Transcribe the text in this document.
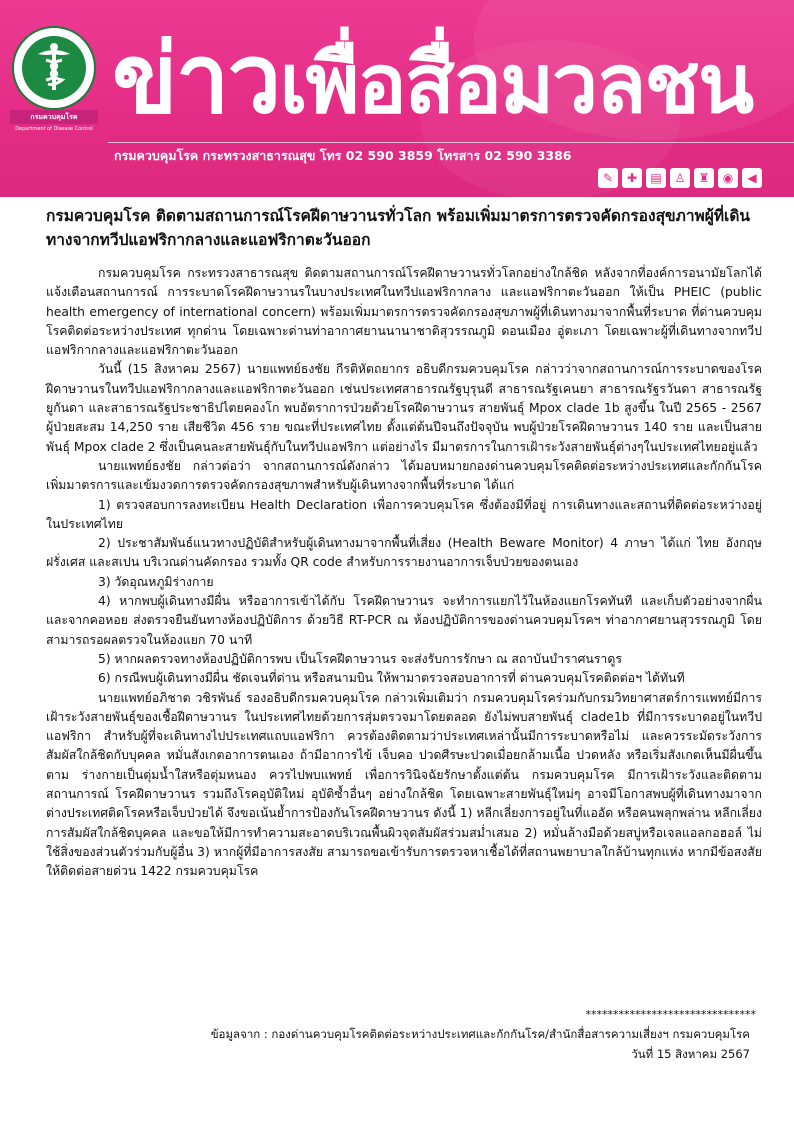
กรมควบคุมโรค
Department of Disease Control ข่าวเพื่อสื่อมวลชน
กรมควบคุมโรค กระทรวงสาธารณสุข โทร 02 590 3859 โทรสาร 02 590 3386
✎	✚	▤	♙	♜	◉	◀
กรมควบคุมโรค ติดตามสถานการณ์โรคฝีดาษวานรทั่วโลก พร้อมเพิ่มมาตรการตรวจคัดกรองสุขภาพผู้ที่เดินทางจากทวีปแอฟริกากลางและแอฟริกาตะวันออก
กรมควบคุมโรค กระทรวงสาธารณสุข ติดตามสถานการณ์โรคฝีดาษวานรทั่วโลกอย่างใกล้ชิด หลังจากที่องค์การอนามัยโลกได้แจ้งเตือนสถานการณ์ การระบาดโรคฝีดาษวานรในบางประเทศในทวีปแอฟริกากลาง และแอฟริกาตะวันออก ให้เป็น PHEIC (public health emergency of international concern) พร้อมเพิ่มมาตรการตรวจคัดกรองสุขภาพผู้ที่เดินทางมาจากพื้นที่ระบาด ที่ด่านควบคุมโรคติดต่อระหว่างประเทศ ทุกด่าน โดยเฉพาะด่านท่าอากาศยานนานาชาติสุวรรณภูมิ ดอนเมือง อู่ตะเภา โดยเฉพาะผู้ที่เดินทางจากทวีปแอฟริกากลางและแอฟริกาตะวันออก
วันนี้ (15 สิงหาคม 2567) นายแพทย์ธงชัย กีรติหัตถยากร อธิบดีกรมควบคุมโรค กล่าวว่าจากสถานการณ์การระบาดของโรคฝีดาษวานรในทวีปแอฟริกากลางและแอฟริกาตะวันออก เช่นประเทศสาธารณรัฐบุรุนดี สาธารณรัฐเคนยา สาธารณรัฐรวันดา สาธารณรัฐยูกันดา และสาธารณรัฐประชาธิปไตยคองโก พบอัตราการป่วยด้วยโรคฝีดาษวานร สายพันธุ์ Mpox clade 1b สูงขึ้น ในปี 2565 - 2567 ผู้ป่วยสะสม 14,250 ราย เสียชีวิต 456 ราย ขณะที่ประเทศไทย ตั้งแต่ต้นปีจนถึงปัจจุบัน พบผู้ป่วยโรคฝีดาษวานร 140 ราย และเป็นสายพันธุ์ Mpox clade 2 ซึ่งเป็นคนละสายพันธุ์กับในทวีปแอฟริกา แต่อย่างไร มีมาตรการในการเฝ้าระวังสายพันธุ์ต่างๆในประเทศไทยอยู่แล้ว
นายแพทย์ธงชัย กล่าวต่อว่า จากสถานการณ์ดังกล่าว ได้มอบหมายกองด่านควบคุมโรคติดต่อระหว่างประเทศและกักกันโรค เพิ่มมาตรการและเข้มงวดการตรวจคัดกรองสุขภาพสำหรับผู้เดินทางจากพื้นที่ระบาด ได้แก่
1) ตรวจสอบการลงทะเบียน Health Declaration เพื่อการควบคุมโรค ซึ่งต้องมีที่อยู่ การเดินทางและสถานที่ติดต่อระหว่างอยู่ในประเทศไทย
2) ประชาสัมพันธ์แนวทางปฏิบัติสำหรับผู้เดินทางมาจากพื้นที่เสี่ยง (Health Beware Monitor) 4 ภาษา ได้แก่ ไทย อังกฤษ ฝรั่งเศส และสเปน บริเวณด่านคัดกรอง รวมทั้ง QR code สำหรับการรายงานอาการเจ็บป่วยของตนเอง
3) วัดอุณหภูมิร่างกาย
4) หากพบผู้เดินทางมีผื่น หรืออาการเข้าได้กับ โรคฝีดาษวานร จะทำการแยกไว้ในห้องแยกโรคทันที และเก็บตัวอย่างจากผื่น และจากคอหอย ส่งตรวจยืนยันทางห้องปฏิบัติการ ด้วยวิธี RT-PCR ณ ห้องปฏิบัติการของด่านควบคุมโรคฯ ท่าอากาศยานสุวรรณภูมิ โดยสามารถรอผลตรวจในห้องแยก 70 นาที
5) หากผลตรวจทางห้องปฏิบัติการพบ เป็นโรคฝีดาษวานร จะส่งรับการรักษา ณ สถาบันบำราศนราดูร
6) กรณีพบผู้เดินทางมีผื่น ชัดเจนที่ด่าน หรือสนามบิน ให้พามาตรวจสอบอาการที่ ด่านควบคุมโรคติดต่อฯ ได้ทันที
นายแพทย์อภิชาต วชิรพันธ์ รองอธิบดีกรมควบคุมโรค กล่าวเพิ่มเติมว่า กรมควบคุมโรคร่วมกับกรมวิทยาศาสตร์การแพทย์มีการเฝ้าระวังสายพันธุ์ของเชื้อฝีดาษวานร ในประเทศไทยด้วยการสุ่มตรวจมาโดยตลอด ยังไม่พบสายพันธุ์ clade1b ที่มีการระบาดอยู่ในทวีปแอฟริกา สำหรับผู้ที่จะเดินทางไปประเทศแถบแอฟริกา ควรต้องติดตามว่าประเทศเหล่านั้นมีการระบาดหรือไม่ และควรระมัดระวังการสัมผัสใกล้ชิดกับบุคคล หมั่นสังเกตอาการตนเอง ถ้ามีอาการไข้ เจ็บคอ ปวดศีรษะปวดเมื่อยกล้ามเนื้อ ปวดหลัง หรือเริ่มสังเกตเห็นมีผื่นขึ้นตาม ร่างกายเป็นตุ่มน้ำใสหรือตุ่มหนอง ควรไปพบแพทย์ เพื่อการวินิจฉัยรักษาตั้งแต่ต้น กรมควบคุมโรค มีการเฝ้าระวังและติดตามสถานการณ์ โรคฝีดาษวานร รวมถึงโรคอุบัติใหม่ อุบัติซ้ำอื่นๆ อย่างใกล้ชิด โดยเฉพาะสายพันธุ์ใหม่ๆ อาจมีโอกาสพบผู้ที่เดินทางมาจากต่างประเทศติดโรคหรือเจ็บป่วยได้ จึงขอเน้นย้ำการป้องกันโรคฝีดาษวานร ดังนี้ 1) หลีกเลี่ยงการอยู่ในที่แออัด หรือคนพลุกพล่าน หลีกเลี่ยงการสัมผัสใกล้ชิดบุคคล และขอให้มีการทำความสะอาดบริเวณพื้นผิวจุดสัมผัสร่วมสม่ำเสมอ 2) หมั่นล้างมือด้วยสบู่หรือเจลแอลกอฮอล์ ไม่ใช้สิ่งของส่วนตัวร่วมกับผู้อื่น 3) หากผู้ที่มีอาการสงสัย สามารถขอเข้ารับการตรวจหาเชื้อได้ที่สถานพยาบาลใกล้บ้านทุกแห่ง หากมีข้อสงสัย ให้ติดต่อสายด่วน 1422 กรมควบคุมโรค
*******************************
ข้อมูลจาก : กองด่านควบคุมโรคติดต่อระหว่างประเทศและกักกันโรค/สำนักสื่อสารความเสี่ยงฯ กรมควบคุมโรค
วันที่ 15 สิงหาคม 2567
